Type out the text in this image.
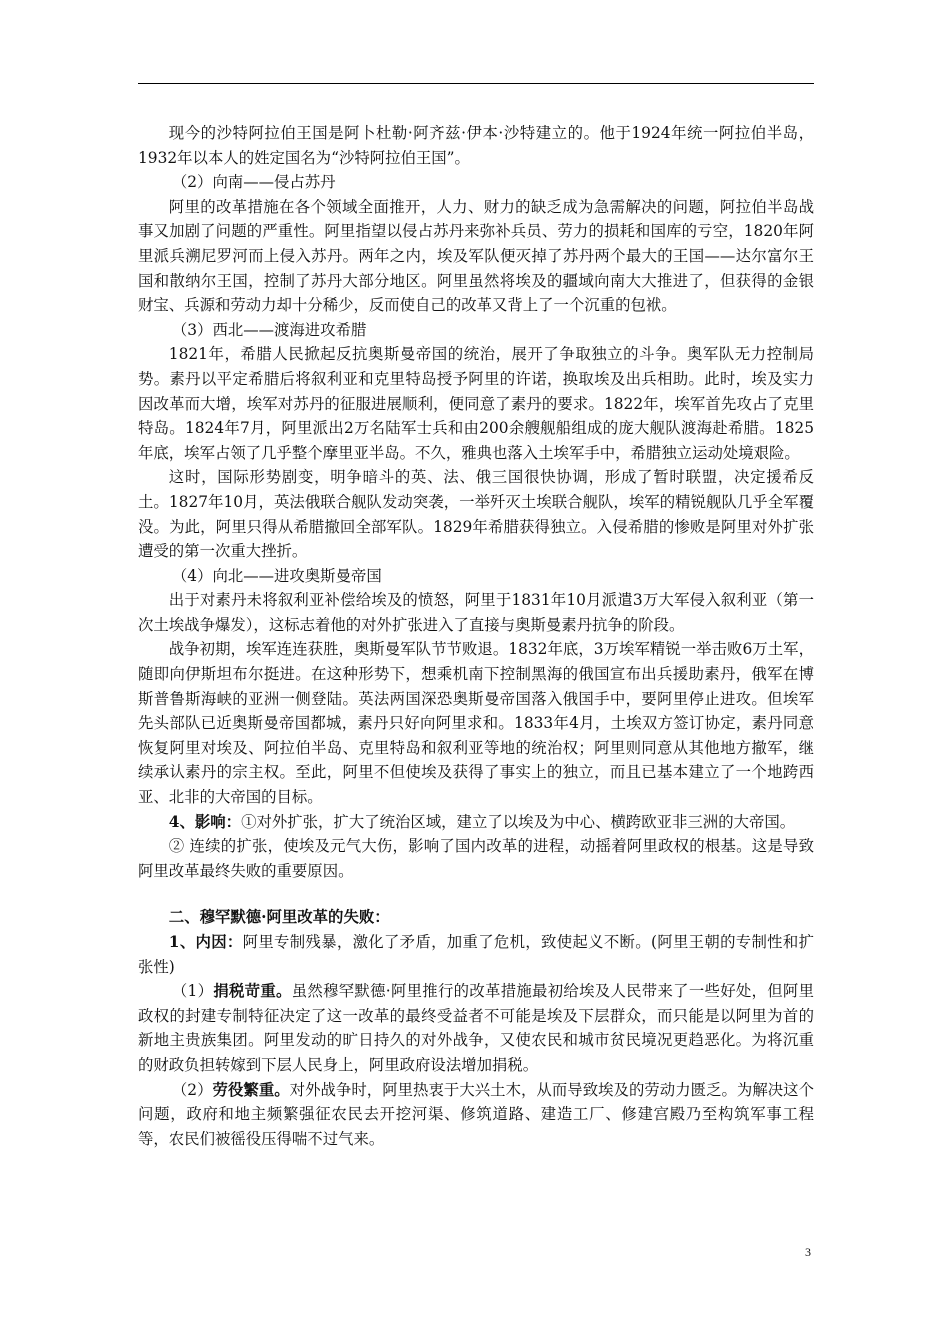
现今的沙特阿拉伯王国是阿卜杜勒·阿齐兹·伊本·沙特建立的。他于1924年统一阿拉伯半岛，1932年以本人的姓定国名为“沙特阿拉伯王国”。

（2）向南——侵占苏丹

阿里的改革措施在各个领域全面推开，人力、财力的缺乏成为急需解决的问题，阿拉伯半岛战事又加剧了问题的严重性。阿里指望以侵占苏丹来弥补兵员、劳力的损耗和国库的亏空，1820年阿里派兵溯尼罗河而上侵入苏丹。两年之内，埃及军队便灭掉了苏丹两个最大的王国——达尔富尔王国和散纳尔王国，控制了苏丹大部分地区。阿里虽然将埃及的疆域向南大大推进了，但获得的金银财宝、兵源和劳动力却十分稀少，反而使自己的改革又背上了一个沉重的包袱。

（3）西北——渡海进攻希腊

1821年，希腊人民掀起反抗奥斯曼帝国的统治，展开了争取独立的斗争。奥军队无力控制局势。素丹以平定希腊后将叙利亚和克里特岛授予阿里的许诺，换取埃及出兵相助。此时，埃及实力因改革而大增，埃军对苏丹的征服进展顺利，便同意了素丹的要求。1822年，埃军首先攻占了克里特岛。1824年7月，阿里派出2万名陆军士兵和由200余艘舰船组成的庞大舰队渡海赴希腊。1825年底，埃军占领了几乎整个摩里亚半岛。不久，雅典也落入土埃军手中，希腊独立运动处境艰险。

这时，国际形势剧变，明争暗斗的英、法、俄三国很快协调，形成了暂时联盟，决定援希反土。1827年10月，英法俄联合舰队发动突袭，一举歼灭土埃联合舰队，埃军的精锐舰队几乎全军覆没。为此，阿里只得从希腊撤回全部军队。1829年希腊获得独立。入侵希腊的惨败是阿里对外扩张遭受的第一次重大挫折。

（4）向北——进攻奥斯曼帝国

出于对素丹未将叙利亚补偿给埃及的愤怒，阿里于1831年10月派遣3万大军侵入叙利亚（第一次土埃战争爆发），这标志着他的对外扩张进入了直接与奥斯曼素丹抗争的阶段。

战争初期，埃军连连获胜，奥斯曼军队节节败退。1832年底，3万埃军精锐一举击败6万土军，随即向伊斯坦布尔挺进。在这种形势下，想乘机南下控制黑海的俄国宣布出兵援助素丹，俄军在博斯普鲁斯海峡的亚洲一侧登陆。英法两国深恐奥斯曼帝国落入俄国手中，要阿里停止进攻。但埃军先头部队已近奥斯曼帝国都城，素丹只好向阿里求和。1833年4月，土埃双方签订协定，素丹同意恢复阿里对埃及、阿拉伯半岛、克里特岛和叙利亚等地的统治权；阿里则同意从其他地方撤军，继续承认素丹的宗主权。至此，阿里不但使埃及获得了事实上的独立，而且已基本建立了一个地跨西亚、北非的大帝国的目标。

4、影响：①对外扩张，扩大了统治区域，建立了以埃及为中心、横跨欧亚非三洲的大帝国。

② 连续的扩张，使埃及元气大伤，影响了国内改革的进程，动摇着阿里政权的根基。这是导致阿里改革最终失败的重要原因。

二、穆罕默德·阿里改革的失败：

1、内因：阿里专制残暴，激化了矛盾，加重了危机，致使起义不断。(阿里王朝的专制性和扩张性)

（1）捐税苛重。虽然穆罕默德·阿里推行的改革措施最初给埃及人民带来了一些好处，但阿里政权的封建专制特征决定了这一改革的最终受益者不可能是埃及下层群众，而只能是以阿里为首的新地主贵族集团。阿里发动的旷日持久的对外战争，又使农民和城市贫民境况更趋恶化。为将沉重的财政负担转嫁到下层人民身上，阿里政府设法增加捐税。

（2）劳役繁重。对外战争时，阿里热衷于大兴土木，从而导致埃及的劳动力匮乏。为解决这个问题，政府和地主频繁强征农民去开挖河渠、修筑道路、建造工厂、修建宫殿乃至构筑军事工程等，农民们被徭役压得喘不过气来。

3
